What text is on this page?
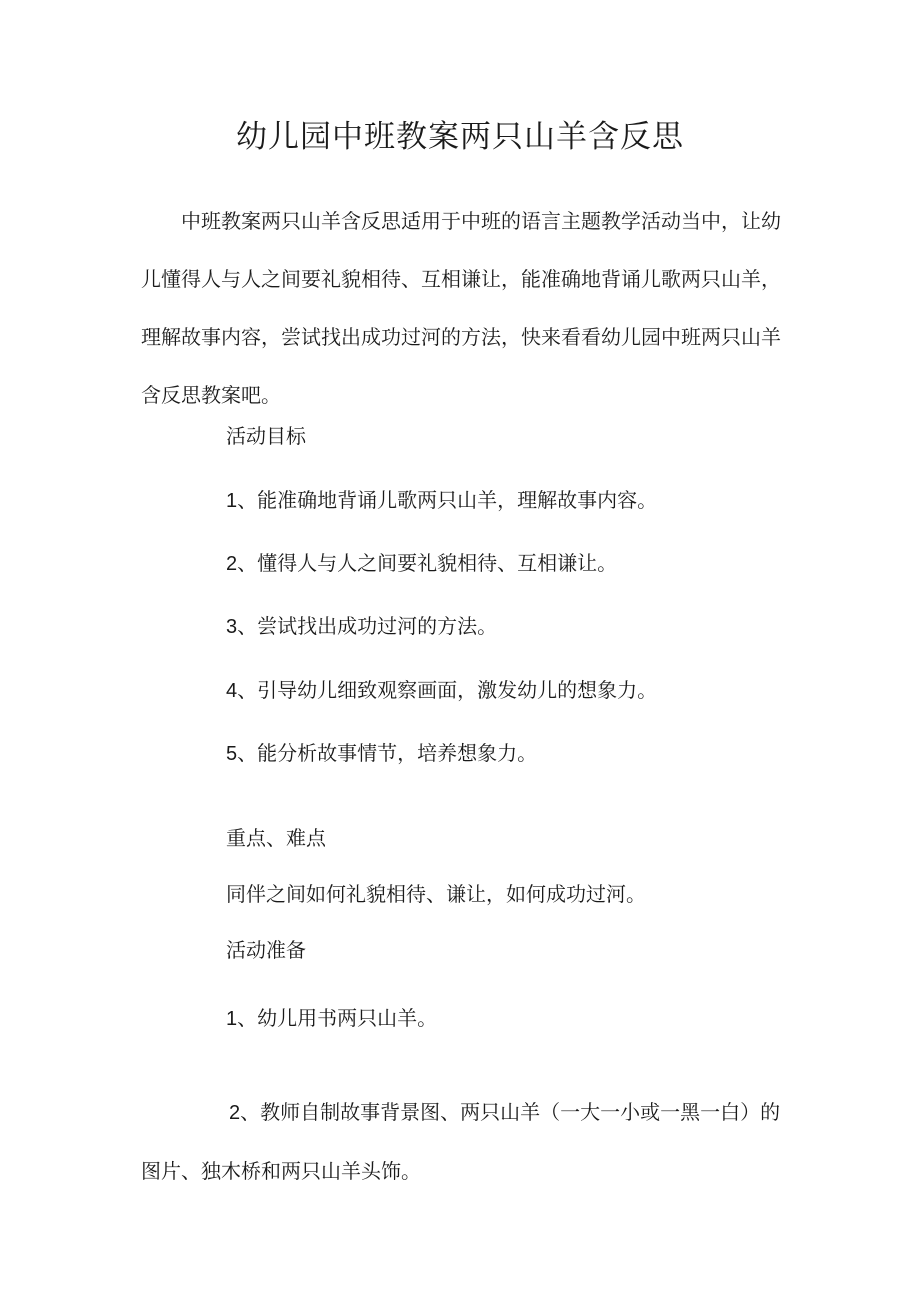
幼儿园中班教案两只山羊含反思

中班教案两只山羊含反思适用于中班的语言主题教学活动当中，让幼儿懂得人与人之间要礼貌相待、互相谦让，能准确地背诵儿歌两只山羊，理解故事内容，尝试找出成功过河的方法，快来看看幼儿园中班两只山羊含反思教案吧。

活动目标

1、能准确地背诵儿歌两只山羊，理解故事内容。

2、懂得人与人之间要礼貌相待、互相谦让。

3、尝试找出成功过河的方法。

4、引导幼儿细致观察画面，激发幼儿的想象力。

5、能分析故事情节，培养想象力。

重点、难点

同伴之间如何礼貌相待、谦让，如何成功过河。

活动准备

1、幼儿用书两只山羊。

2、教师自制故事背景图、两只山羊（一大一小或一黑一白）的图片、独木桥和两只山羊头饰。
